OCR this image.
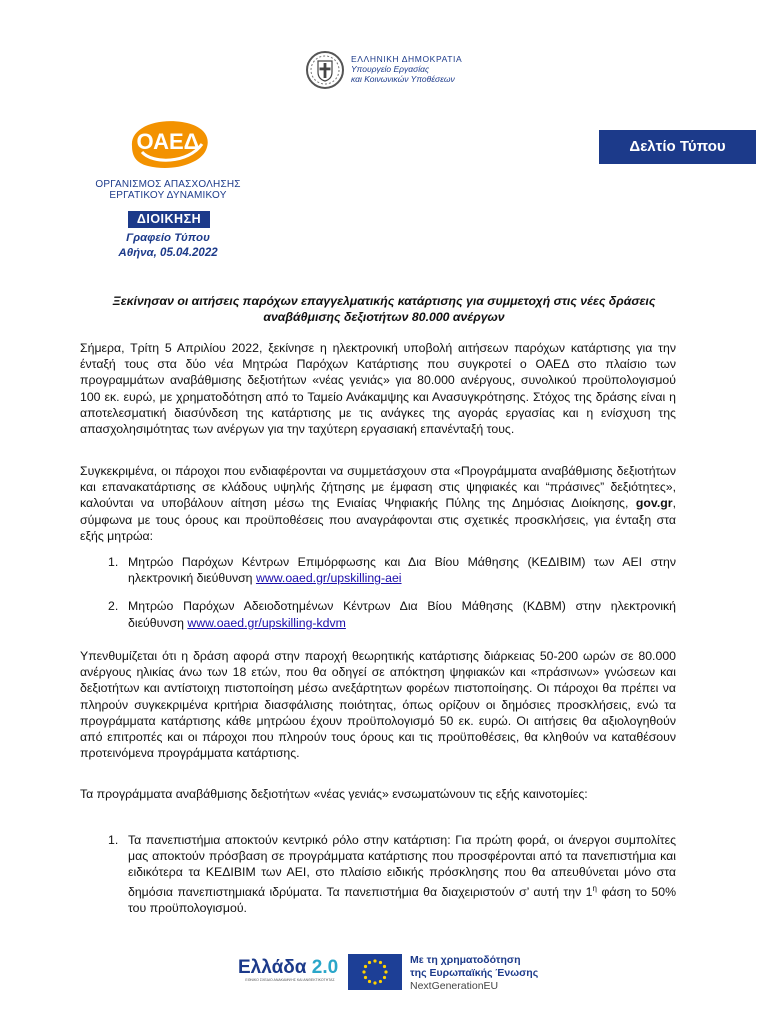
ΕΛΛΗΝΙΚΗ ΔΗΜΟΚΡΑΤΙΑ
Υπουργείο Εργασίας
και Κοινωνικών Υποθέσεων
ΟΑΕΔ
ΟΡΓΑΝΙΣΜΟΣ ΑΠΑΣΧΟΛΗΣΗΣ
ΕΡΓΑΤΙΚΟΥ ΔΥΝΑΜΙΚΟΥ
ΔΙΟΙΚΗΣΗ
Γραφείο Τύπου
Αθήνα, 05.04.2022
Δελτίο Τύπου
Ξεκίνησαν οι αιτήσεις παρόχων επαγγελματικής κατάρτισης για συμμετοχή στις νέες δράσεις αναβάθμισης δεξιοτήτων 80.000 ανέργων
Σήμερα, Τρίτη 5 Απριλίου 2022, ξεκίνησε η ηλεκτρονική υποβολή αιτήσεων παρόχων κατάρτισης για την ένταξή τους στα δύο νέα Μητρώα Παρόχων Κατάρτισης που συγκροτεί ο ΟΑΕΔ στο πλαίσιο των προγραμμάτων αναβάθμισης δεξιοτήτων «νέας γενιάς» για 80.000 ανέργους, συνολικού προϋπολογισμού 100 εκ. ευρώ, με χρηματοδότηση από το Ταμείο Ανάκαμψης και Ανασυγκρότησης. Στόχος της δράσης είναι η αποτελεσματική διασύνδεση της κατάρτισης με τις ανάγκες της αγοράς εργασίας και η ενίσχυση της απασχολησιμότητας των ανέργων για την ταχύτερη εργασιακή επανένταξή τους.
Συγκεκριμένα, οι πάροχοι που ενδιαφέρονται να συμμετάσχουν στα «Προγράμματα αναβάθμισης δεξιοτήτων και επανακατάρτισης σε κλάδους υψηλής ζήτησης με έμφαση στις ψηφιακές και “πράσινες” δεξιότητες», καλούνται να υποβάλουν αίτηση μέσω της Ενιαίας Ψηφιακής Πύλης της Δημόσιας Διοίκησης, gov.gr, σύμφωνα με τους όρους και προϋποθέσεις που αναγράφονται στις σχετικές προσκλήσεις, για ένταξη στα εξής μητρώα:
1. Μητρώο Παρόχων Κέντρων Επιμόρφωσης και Δια Βίου Μάθησης (ΚΕΔΙΒΙΜ) των ΑΕΙ στην ηλεκτρονική διεύθυνση www.oaed.gr/upskilling-aei
2. Μητρώο Παρόχων Αδειοδοτημένων Κέντρων Δια Βίου Μάθησης (ΚΔΒΜ) στην ηλεκτρονική διεύθυνση www.oaed.gr/upskilling-kdvm
Υπενθυμίζεται ότι η δράση αφορά στην παροχή θεωρητικής κατάρτισης διάρκειας 50-200 ωρών σε 80.000 ανέργους ηλικίας άνω των 18 ετών, που θα οδηγεί σε απόκτηση ψηφιακών και «πράσινων» γνώσεων και δεξιοτήτων και αντίστοιχη πιστοποίηση μέσω ανεξάρτητων φορέων πιστοποίησης. Οι πάροχοι θα πρέπει να πληρούν συγκεκριμένα κριτήρια διασφάλισης ποιότητας, όπως ορίζουν οι δημόσιες προσκλήσεις, ενώ τα προγράμματα κατάρτισης κάθε μητρώου έχουν προϋπολογισμό 50 εκ. ευρώ. Οι αιτήσεις θα αξιολογηθούν από επιτροπές και οι πάροχοι που πληρούν τους όρους και τις προϋποθέσεις, θα κληθούν να καταθέσουν προτεινόμενα προγράμματα κατάρτισης.
Τα προγράμματα αναβάθμισης δεξιοτήτων «νέας γενιάς» ενσωματώνουν τις εξής καινοτομίες:
1. Τα πανεπιστήμια αποκτούν κεντρικό ρόλο στην κατάρτιση: Για πρώτη φορά, οι άνεργοι συμπολίτες μας αποκτούν πρόσβαση σε προγράμματα κατάρτισης που προσφέρονται από τα πανεπιστήμια και ειδικότερα τα ΚΕΔΙΒΙΜ των ΑΕΙ, στο πλαίσιο ειδικής πρόσκλησης που θα απευθύνεται μόνο στα δημόσια πανεπιστημιακά ιδρύματα. Τα πανεπιστήμια θα διαχειριστούν σ’ αυτή την $1^\eta$ φάση το 50% του προϋπολογισμού.
Ελλάδα 2.0
ΕΘΝΙΚΟ ΣΧΕΔΙΟ ΑΝΑΚΑΜΨΗΣ ΚΑΙ ΑΝΘΕΚΤΙΚΟΤΗΤΑΣ
Με τη χρηματοδότηση
της Ευρωπαϊκής Ένωσης
NextGenerationEU
